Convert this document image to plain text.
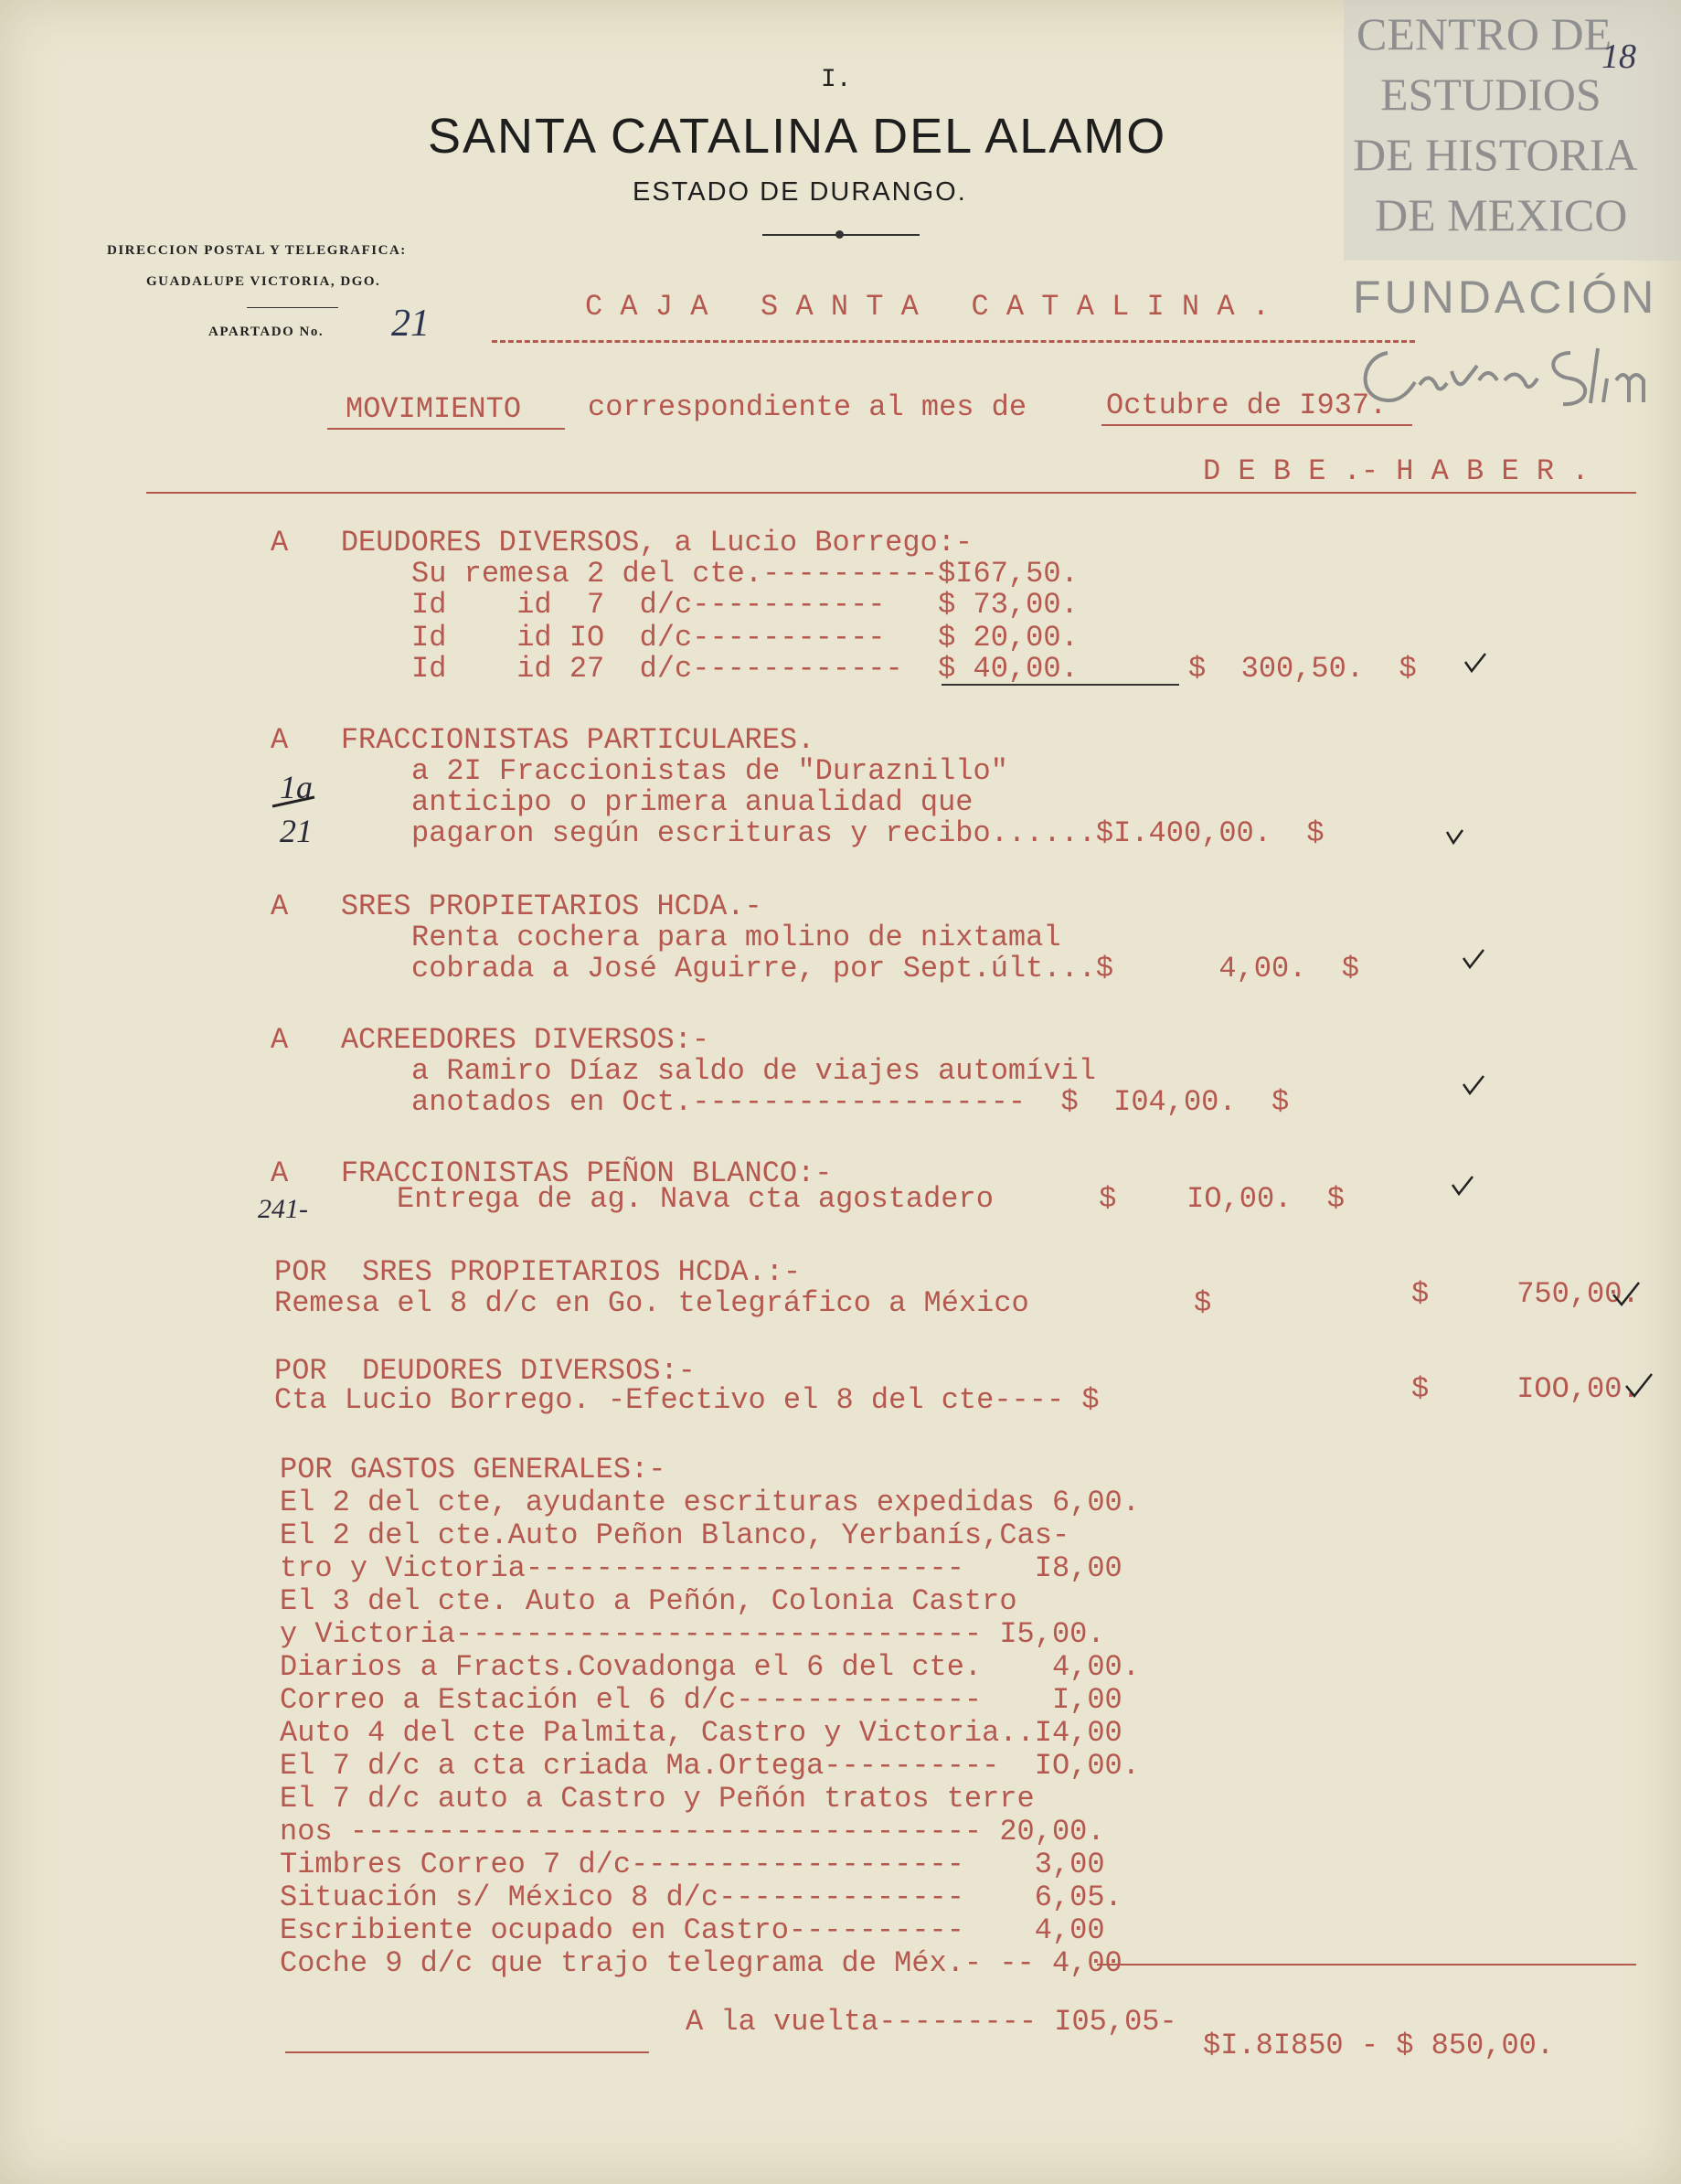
CENTRO DE
ESTUDIOS
DE HISTORIA
DE MEXICO
FUNDACIÓN
Carlos Slim
18
I.
SANTA CATALINA DEL ALAMO
ESTADO DE DURANGO.
DIRECCION POSTAL Y TELEGRAFICA:
GUADALUPE VICTORIA, DGO.
APARTADO No. 21	C A J A   S A N T A   C A T A L I N A .
MOVIMIENTO correspondiente al mes de	Octubre de I937.
D E B E .- H A B E R .
A   DEUDORES DIVERSOS, a Lucio Borrego:-
Su remesa 2 del cte.----------$I67,50.
Id    id  7  d/c-----------   $ 73,00.
Id    id IO  d/c-----------   $ 20,00.
Id    id 27  d/c------------  $ 40,00.	$  300,50.  $
A   FRACCIONISTAS PARTICULARES.
a 2I Fraccionistas de "Duraznillo"
anticipo o primera anualidad que
pagaron según escrituras y recibo......$I.400,00.  $
1a
21
A   SRES PROPIETARIOS HCDA.-
Renta cochera para molino de nixtamal
cobrada a José Aguirre, por Sept.últ...$      4,00.  $
A   ACREEDORES DIVERSOS:-
a Ramiro Díaz saldo de viajes automívil
anotados en Oct.-------------------  $  I04,00.  $
A   FRACCIONISTAS PEÑON BLANCO:-
Entrega de ag. Nava cta agostadero      $    IO,00.  $
241-
POR  SRES PROPIETARIOS HCDA.:-
Remesa el 8 d/c en Go. telegráfico a México	$	$     750,00.
POR  DEUDORES DIVERSOS:-
Cta Lucio Borrego. -Efectivo el 8 del cte---- $	$     IOO,00.
POR GASTOS GENERALES:-
El 2 del cte, ayudante escrituras expedidas 6,00.
El 2 del cte.Auto Peñon Blanco, Yerbanís,Cas-
tro y Victoria-------------------------    I8,00
El 3 del cte. Auto a Peñón, Colonia Castro
y Victoria------------------------------ I5,00.
Diarios a Fracts.Covadonga el 6 del cte.    4,00.
Correo a Estación el 6 d/c--------------    I,00
Auto 4 del cte Palmita, Castro y Victoria..I4,00
El 7 d/c a cta criada Ma.Ortega----------  IO,00.
El 7 d/c auto a Castro y Peñón tratos terre
nos ------------------------------------ 20,00.
Timbres Correo 7 d/c-------------------    3,00
Situación s/ México 8 d/c--------------    6,05.
Escribiente ocupado en Castro----------    4,00
Coche 9 d/c que trajo telegrama de Méx.- -- 4,00
A la vuelta--------- I05,05-
$I.8I850 - $ 850,00.
